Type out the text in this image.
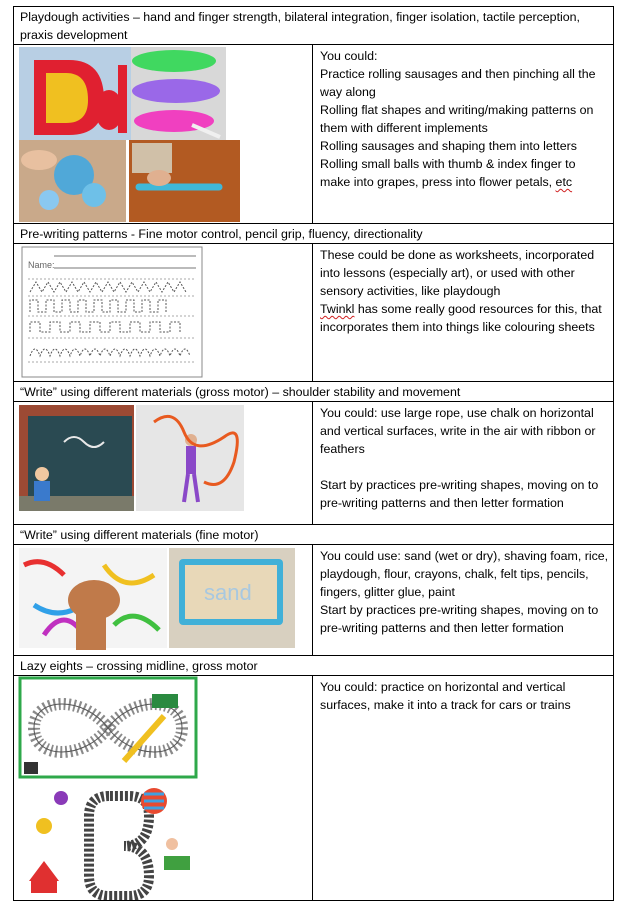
Playdough activities – hand and finger strength, bilateral integration, finger isolation, tactile perception, praxis development	

You could:

Practice rolling sausages and then pinching all the way along

Rolling flat shapes and writing/making patterns on them with different implements

Rolling sausages and shaping them into letters

Rolling small balls with thumb & index finger to make into grapes, press into flower petals, etc

Pre-writing patterns - Fine motor control, pencil grip, fluency, directionality	

Name:	These could be done as worksheets, incorporated into lessons (especially art), or used with other sensory activities, like playdough

Twinkl has some really good resources for this, that incorporates them into things like colouring sheets

“Write” using different materials (gross motor) – shoulder stability and movement	

You could: use large rope, use chalk on horizontal and vertical surfaces, write in the air with ribbon or feathers

Start by practices pre-writing shapes, moving on to pre-writing patterns and then letter formation

“Write” using different materials (fine motor)	

sand	You could use: sand (wet or dry), shaving foam, rice, playdough, flour, crayons, chalk, felt tips, pencils, fingers, glitter glue, paint

Start by practices pre-writing shapes, moving on to pre-writing patterns and then letter formation

Lazy eights – crossing midline, gross motor	

You could: practice on horizontal and vertical surfaces, make it into a track for cars or trains
